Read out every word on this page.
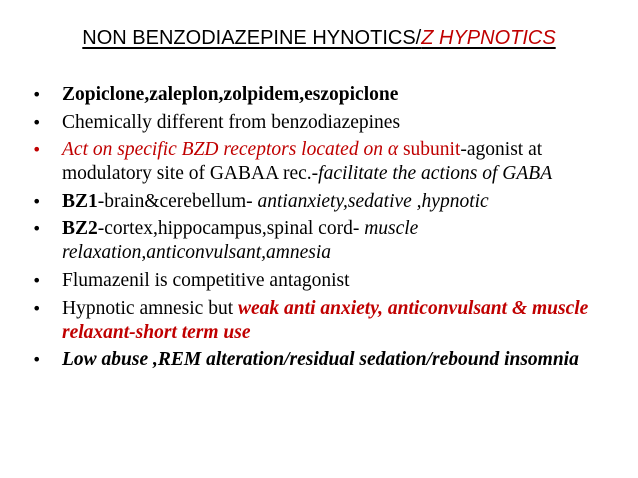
NON BENZODIAZEPINE HYNOTICS/Z HYPNOTICS
•	Zopiclone,zaleplon,zolpidem,eszopiclone
•	Chemically different from benzodiazepines
•	Act on specific BZD receptors located on α subunit-agonist at modulatory site of GABAA rec.-facilitate the actions of GABA
•	BZ1-brain&cerebellum- antianxiety,sedative ,hypnotic
•	BZ2-cortex,hippocampus,spinal cord- muscle relaxation,anticonvulsant,amnesia
•	Flumazenil is competitive antagonist
•	Hypnotic amnesic but weak anti anxiety, anticonvulsant & muscle relaxant-short term use
•	Low abuse ,REM alteration/residual sedation/rebound insomnia
